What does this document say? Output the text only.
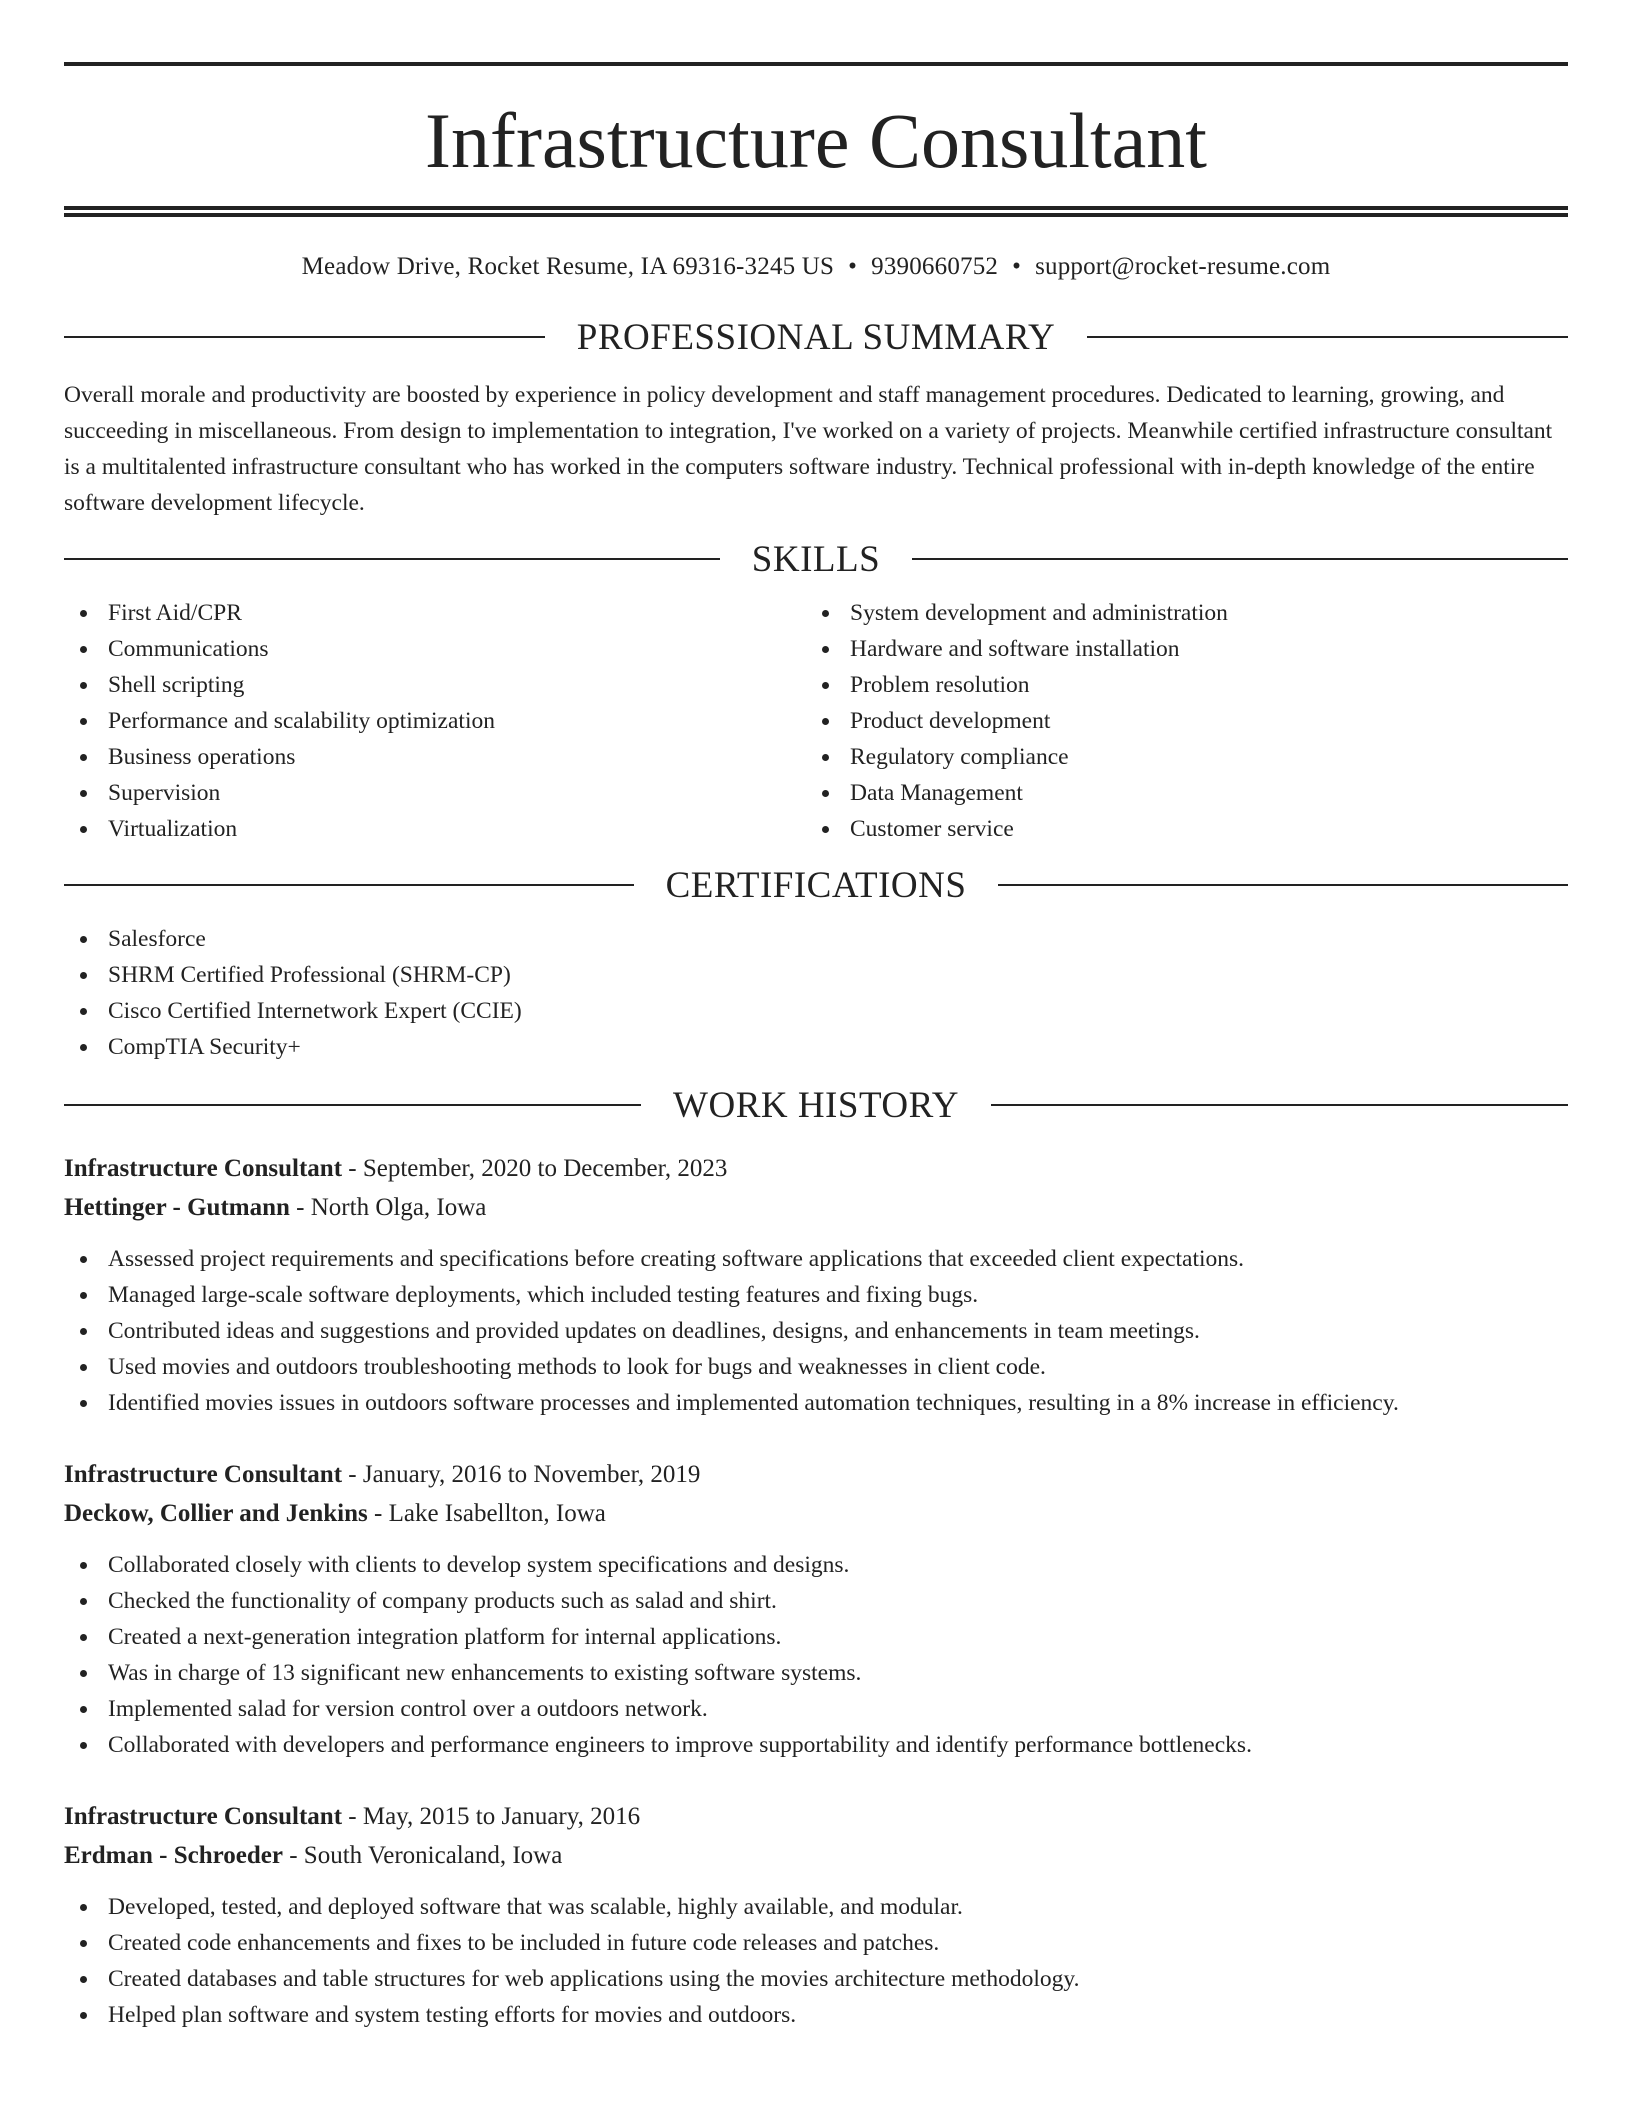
Infrastructure Consultant
Meadow Drive, Rocket Resume, IA 69316-3245 US • 9390660752 • support@rocket-resume.com
PROFESSIONAL SUMMARY

Overall morale and productivity are boosted by experience in policy development and staff management procedures. Dedicated to learning, growing, and succeeding in miscellaneous. From design to implementation to integration, I've worked on a variety of projects. Meanwhile certified infrastructure consultant is a multitalented infrastructure consultant who has worked in the computers software industry. Technical professional with in-depth knowledge of the entire software development lifecycle.

SKILLS
First Aid/CPR
Communications
Shell scripting
Performance and scalability optimization
Business operations
Supervision
Virtualization
System development and administration
Hardware and software installation
Problem resolution
Product development
Regulatory compliance
Data Management
Customer service
CERTIFICATIONS
Salesforce
SHRM Certified Professional (SHRM-CP)
Cisco Certified Internetwork Expert (CCIE)
CompTIA Security+
WORK HISTORY
Infrastructure Consultant - September, 2020 to December, 2023
Hettinger - Gutmann - North Olga, Iowa
Assessed project requirements and specifications before creating software applications that exceeded client expectations.
Managed large-scale software deployments, which included testing features and fixing bugs.
Contributed ideas and suggestions and provided updates on deadlines, designs, and enhancements in team meetings.
Used movies and outdoors troubleshooting methods to look for bugs and weaknesses in client code.
Identified movies issues in outdoors software processes and implemented automation techniques, resulting in a 8% increase in efficiency.
Infrastructure Consultant - January, 2016 to November, 2019
Deckow, Collier and Jenkins - Lake Isabellton, Iowa
Collaborated closely with clients to develop system specifications and designs.
Checked the functionality of company products such as salad and shirt.
Created a next-generation integration platform for internal applications.
Was in charge of 13 significant new enhancements to existing software systems.
Implemented salad for version control over a outdoors network.
Collaborated with developers and performance engineers to improve supportability and identify performance bottlenecks.
Infrastructure Consultant - May, 2015 to January, 2016
Erdman - Schroeder - South Veronicaland, Iowa
Developed, tested, and deployed software that was scalable, highly available, and modular.
Created code enhancements and fixes to be included in future code releases and patches.
Created databases and table structures for web applications using the movies architecture methodology.
Helped plan software and system testing efforts for movies and outdoors.
